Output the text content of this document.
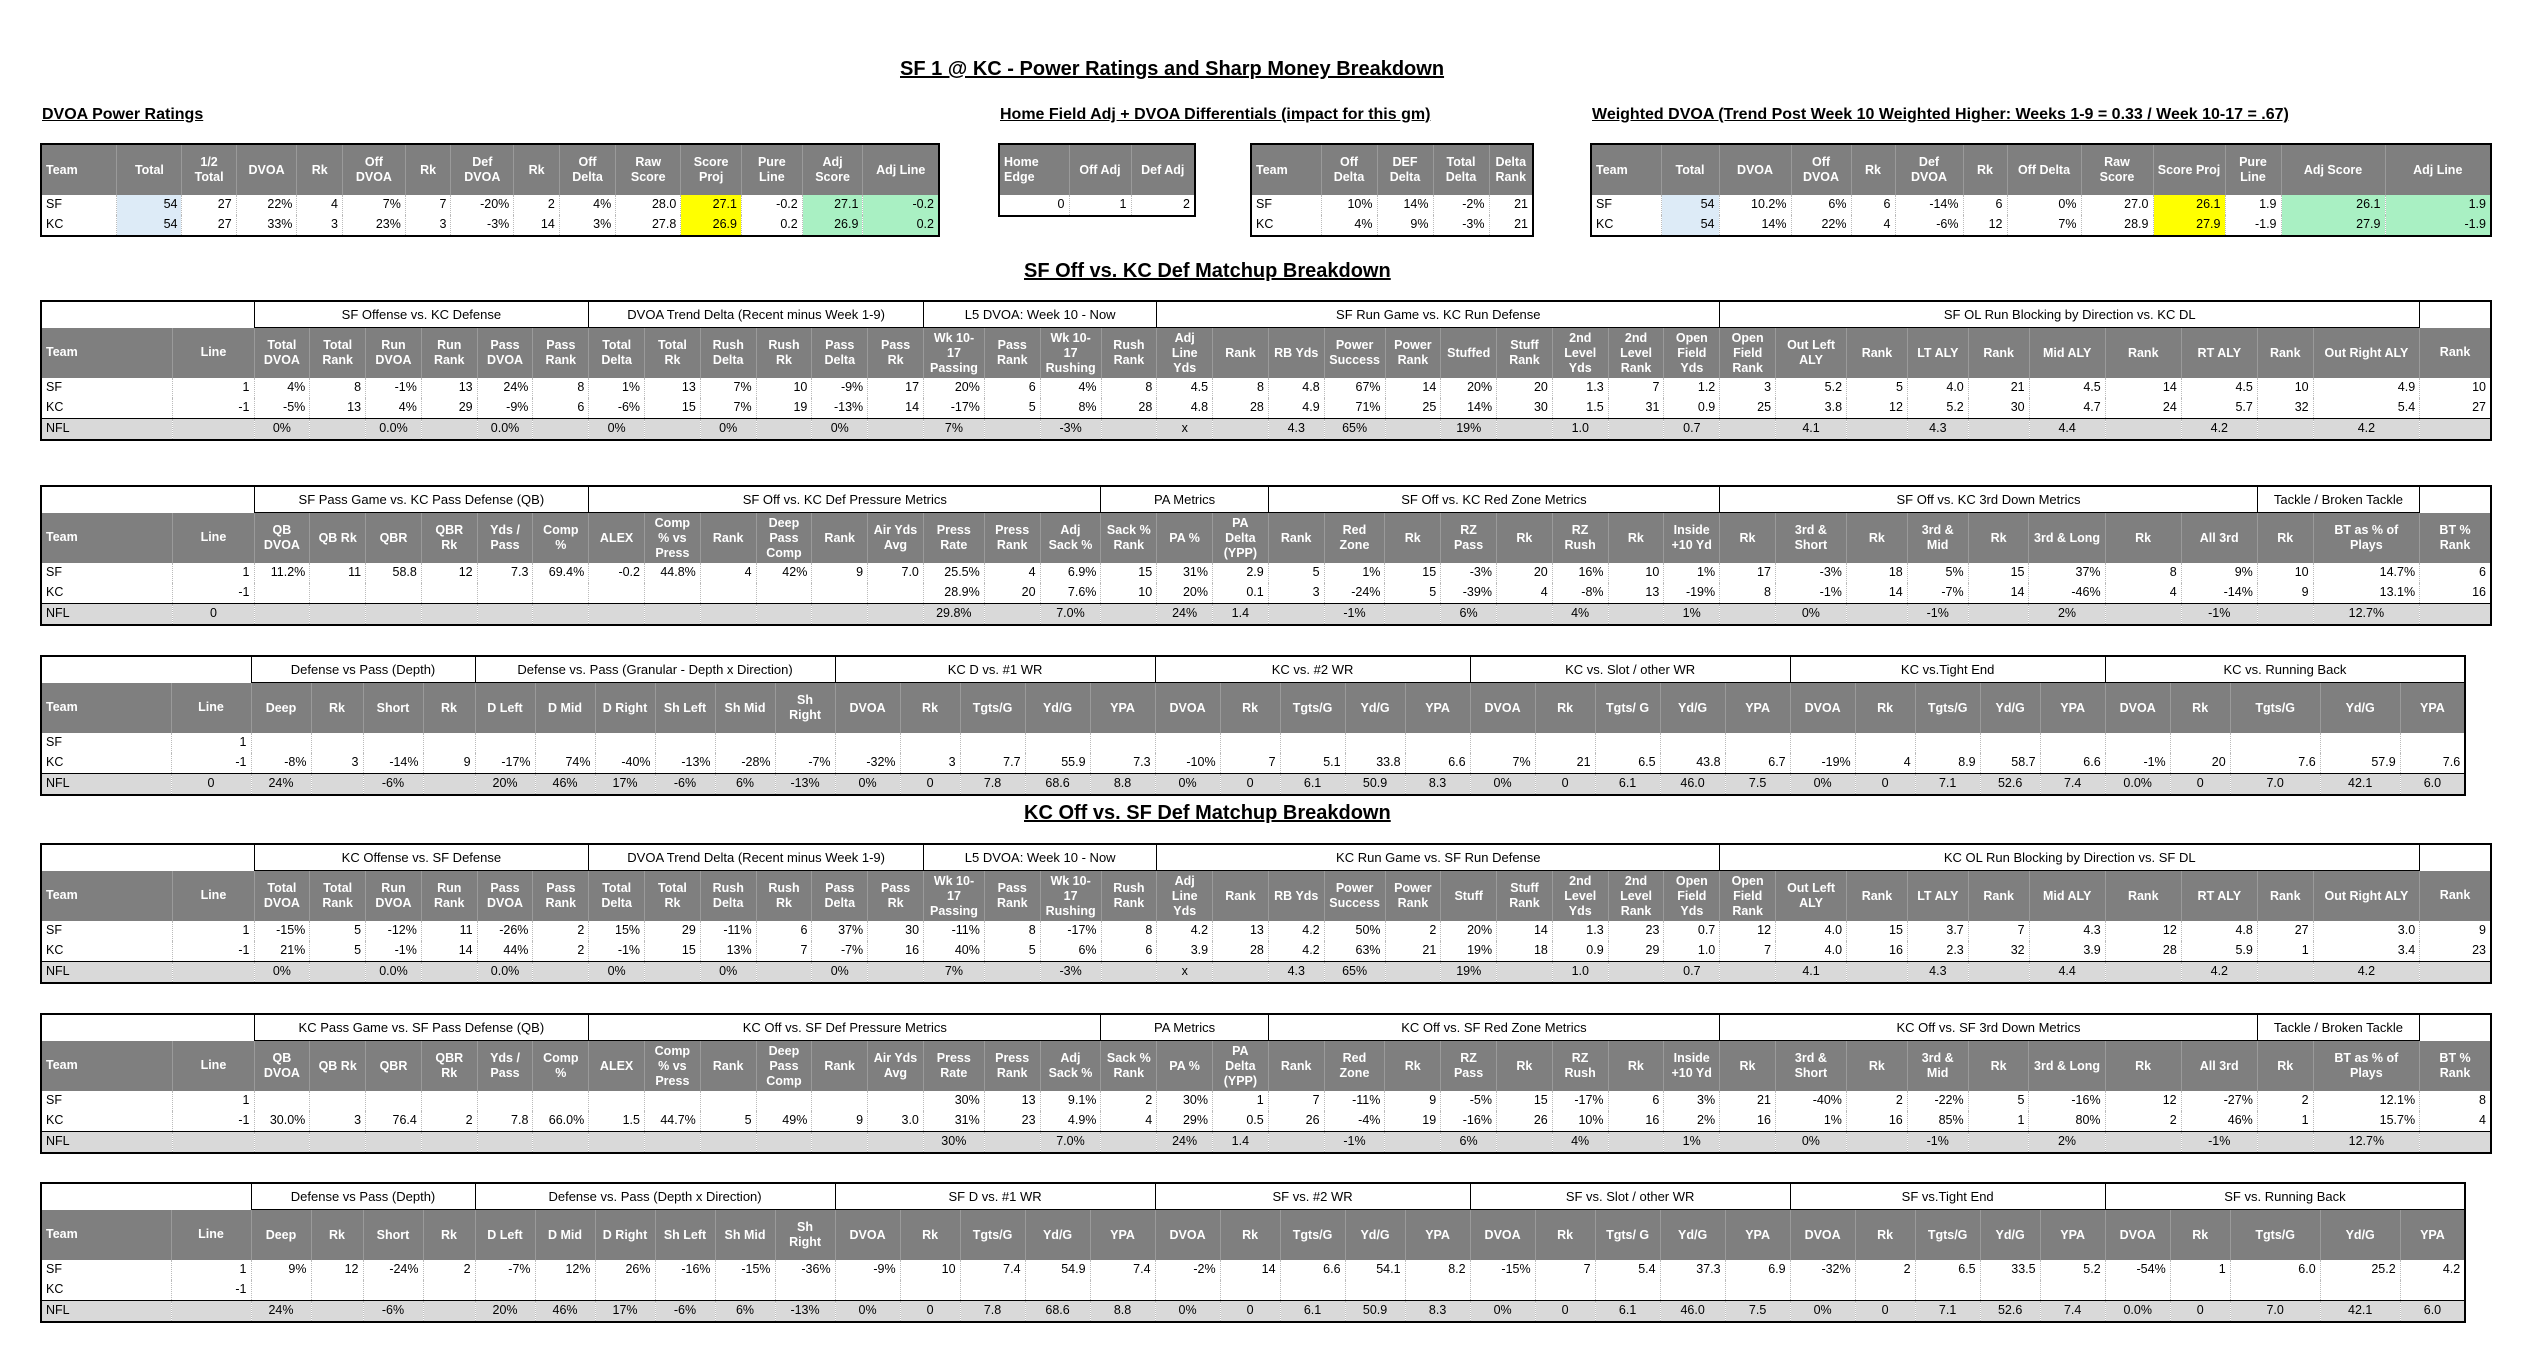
SF 1 @ KC - Power Ratings and Sharp Money Breakdown
DVOA Power Ratings	Home Field Adj + DVOA Differentials (impact for this gm)	Weighted DVOA (Trend Post Week 10 Weighted Higher: Weeks 1-9 = 0.33 / Week 10-17 = .67)
SF Off vs. KC Def Matchup Breakdown
KC Off vs. SF Def Matchup Breakdown
Team	Total	1/2 Total	DVOA	Rk	Off DVOA	Rk	Def DVOA	Rk	Off Delta	Raw Score	Score Proj	Pure Line	Adj Score	Adj Line
SF	54	27	22%	4	7%	7	-20%	2	4%	28.0	27.1	-0.2	27.1	-0.2
KC	54	27	33%	3	23%	3	-3%	14	3%	27.8	26.9	0.2	26.9	0.2
Home Edge	Off Adj	Def Adj
0	1	2
Team	Off Delta	DEF Delta	Total Delta	Delta Rank
SF	10%	14%	-2%	21
KC	4%	9%	-3%	21
Team	Total	DVOA	Off DVOA	Rk	Def DVOA	Rk	Off Delta	Raw Score	Score Proj	Pure Line	Adj Score	Adj Line
SF	54	10.2%	6%	6	-14%	6	0%	27.0	26.1	1.9	26.1	1.9
KC	54	14%	22%	4	-6%	12	7%	28.9	27.9	-1.9	27.9	-1.9
		SF Offense vs. KC Defense						DVOA Trend Delta (Recent minus Week 1-9)						L5 DVOA: Week 10 - Now				SF Run Game vs. KC Run Defense										SF OL Run Blocking by Direction vs. KC DL										
Team	Line	Total DVOA	Total Rank	Run DVOA	Run Rank	Pass DVOA	Pass Rank	Total Delta	Total Rk	Rush Delta	Rush Rk	Pass Delta	Pass Rk	Wk 10-17 Passing	Pass Rank	Wk 10-17 Rushing	Rush Rank	Adj Line Yds	Rank	RB Yds	Power Success	Power Rank	Stuffed	Stuff Rank	2nd Level Yds	2nd Level Rank	Open Field Yds	Open Field Rank	Out Left ALY	Rank	LT ALY	Rank	Mid ALY	Rank	RT ALY	Rank	Out Right ALY	Rank
SF	1	4%	8	-1%	13	24%	8	1%	13	7%	10	-9%	17	20%	6	4%	8	4.5	8	4.8	67%	14	20%	20	1.3	7	1.2	3	5.2	5	4.0	21	4.5	14	4.5	10	4.9	10
KC	-1	-5%	13	4%	29	-9%	6	-6%	15	7%	19	-13%	14	-17%	5	8%	28	4.8	28	4.9	71%	25	14%	30	1.5	31	0.9	25	3.8	12	5.2	30	4.7	24	5.7	32	5.4	27
NFL		0%		0.0%		0.0%		0%		0%		0%		7%		-3%		x		4.3	65%		19%		1.0		0.7		4.1		4.3		4.4		4.2		4.2	
		SF Pass Game vs. KC Pass Defense (QB)						SF Off vs. KC Def Pressure Metrics									PA Metrics			SF Off vs. KC Red Zone Metrics								SF Off vs. KC 3rd Down Metrics								Tackle / Broken Tackle		
Team	Line	QB DVOA	QB Rk	QBR	QBR Rk	Yds / Pass	Comp %	ALEX	Comp % vs Press	Rank	Deep Pass Comp	Rank	Air Yds Avg	Press Rate	Press Rank	Adj Sack %	Sack % Rank	PA %	PA Delta (YPP)	Rank	Red Zone	Rk	RZ Pass	Rk	RZ Rush	Rk	Inside +10 Yd	Rk	3rd & Short	Rk	3rd & Mid	Rk	3rd & Long	Rk	All 3rd	Rk	BT as % of Plays	BT % Rank
SF	1	11.2%	11	58.8	12	7.3	69.4%	-0.2	44.8%	4	42%	9	7.0	25.5%	4	6.9%	15	31%	2.9	5	1%	15	-3%	20	16%	10	1%	17	-3%	18	5%	15	37%	8	9%	10	14.7%	6
KC	-1													28.9%	20	7.6%	10	20%	0.1	3	-24%	5	-39%	4	-8%	13	-19%	8	-1%	14	-7%	14	-46%	4	-14%	9	13.1%	16
NFL	0													29.8%		7.0%		24%	1.4		-1%		6%		4%		1%		0%		-1%		2%		-1%		12.7%	
		Defense vs Pass (Depth)				Defense vs. Pass (Granular - Depth x Direction)						KC D vs. #1 WR					KC vs. #2 WR					KC vs. Slot / other WR					KC vs.Tight End					KC vs. Running Back				
Team	Line	Deep	Rk	Short	Rk	D Left	D Mid	D Right	Sh Left	Sh Mid	Sh Right	DVOA	Rk	Tgts/G	Yd/G	YPA	DVOA	Rk	Tgts/G	Yd/G	YPA	DVOA	Rk	Tgts/ G	Yd/G	YPA	DVOA	Rk	Tgts/G	Yd/G	YPA	DVOA	Rk	Tgts/G	Yd/G	YPA
SF	1																																			
KC	-1	-8%	3	-14%	9	-17%	74%	-40%	-13%	-28%	-7%	-32%	3	7.7	55.9	7.3	-10%	7	5.1	33.8	6.6	7%	21	6.5	43.8	6.7	-19%	4	8.9	58.7	6.6	-1%	20	7.6	57.9	7.6
NFL	0	24%		-6%		20%	46%	17%	-6%	6%	-13%	0%	0	7.8	68.6	8.8	0%	0	6.1	50.9	8.3	0%	0	6.1	46.0	7.5	0%	0	7.1	52.6	7.4	0.0%	0	7.0	42.1	6.0
		KC Offense vs. SF Defense						DVOA Trend Delta (Recent minus Week 1-9)						L5 DVOA: Week 10 - Now				KC Run Game vs. SF Run Defense										KC OL Run Blocking by Direction vs. SF DL										
Team	Line	Total DVOA	Total Rank	Run DVOA	Run Rank	Pass DVOA	Pass Rank	Total Delta	Total Rk	Rush Delta	Rush Rk	Pass Delta	Pass Rk	Wk 10-17 Passing	Pass Rank	Wk 10-17 Rushing	Rush Rank	Adj Line Yds	Rank	RB Yds	Power Success	Power Rank	Stuff	Stuff Rank	2nd Level Yds	2nd Level Rank	Open Field Yds	Open Field Rank	Out Left ALY	Rank	LT ALY	Rank	Mid ALY	Rank	RT ALY	Rank	Out Right ALY	Rank
SF	1	-15%	5	-12%	11	-26%	2	15%	29	-11%	6	37%	30	-11%	8	-17%	8	4.2	13	4.2	50%	2	20%	14	1.3	23	0.7	12	4.0	15	3.7	7	4.3	12	4.8	27	3.0	9
KC	-1	21%	5	-1%	14	44%	2	-1%	15	13%	7	-7%	16	40%	5	6%	6	3.9	28	4.2	63%	21	19%	18	0.9	29	1.0	7	4.0	16	2.3	32	3.9	28	5.9	1	3.4	23
NFL		0%		0.0%		0.0%		0%		0%		0%		7%		-3%		x		4.3	65%		19%		1.0		0.7		4.1		4.3		4.4		4.2		4.2	
		KC Pass Game vs. SF Pass Defense (QB)						KC Off vs. SF Def Pressure Metrics									PA Metrics			KC Off vs. SF Red Zone Metrics								KC Off vs. SF 3rd Down Metrics								Tackle / Broken Tackle		
Team	Line	QB DVOA	QB Rk	QBR	QBR Rk	Yds / Pass	Comp %	ALEX	Comp % vs Press	Rank	Deep Pass Comp	Rank	Air Yds Avg	Press Rate	Press Rank	Adj Sack %	Sack % Rank	PA %	PA Delta (YPP)	Rank	Red Zone	Rk	RZ Pass	Rk	RZ Rush	Rk	Inside +10 Yd	Rk	3rd & Short	Rk	3rd & Mid	Rk	3rd & Long	Rk	All 3rd	Rk	BT as % of Plays	BT % Rank
SF	1													30%	13	9.1%	2	30%	1	7	-11%	9	-5%	15	-17%	6	3%	21	-40%	2	-22%	5	-16%	12	-27%	2	12.1%	8
KC	-1	30.0%	3	76.4	2	7.8	66.0%	1.5	44.7%	5	49%	9	3.0	31%	23	4.9%	4	29%	0.5	26	-4%	19	-16%	26	10%	16	2%	16	1%	16	85%	1	80%	2	46%	1	15.7%	4
NFL														30%		7.0%		24%	1.4		-1%		6%		4%		1%		0%		-1%		2%		-1%		12.7%	
		Defense vs Pass (Depth)				Defense vs. Pass (Depth x Direction)						SF D vs. #1 WR					SF vs. #2 WR					SF vs. Slot / other WR					SF vs.Tight End					SF vs. Running Back				
Team	Line	Deep	Rk	Short	Rk	D Left	D Mid	D Right	Sh Left	Sh Mid	Sh Right	DVOA	Rk	Tgts/G	Yd/G	YPA	DVOA	Rk	Tgts/G	Yd/G	YPA	DVOA	Rk	Tgts/ G	Yd/G	YPA	DVOA	Rk	Tgts/G	Yd/G	YPA	DVOA	Rk	Tgts/G	Yd/G	YPA
SF	1	9%	12	-24%	2	-7%	12%	26%	-16%	-15%	-36%	-9%	10	7.4	54.9	7.4	-2%	14	6.6	54.1	8.2	-15%	7	5.4	37.3	6.9	-32%	2	6.5	33.5	5.2	-54%	1	6.0	25.2	4.2
KC	-1																																			
NFL		24%		-6%		20%	46%	17%	-6%	6%	-13%	0%	0	7.8	68.6	8.8	0%	0	6.1	50.9	8.3	0%	0	6.1	46.0	7.5	0%	0	7.1	52.6	7.4	0.0%	0	7.0	42.1	6.0
